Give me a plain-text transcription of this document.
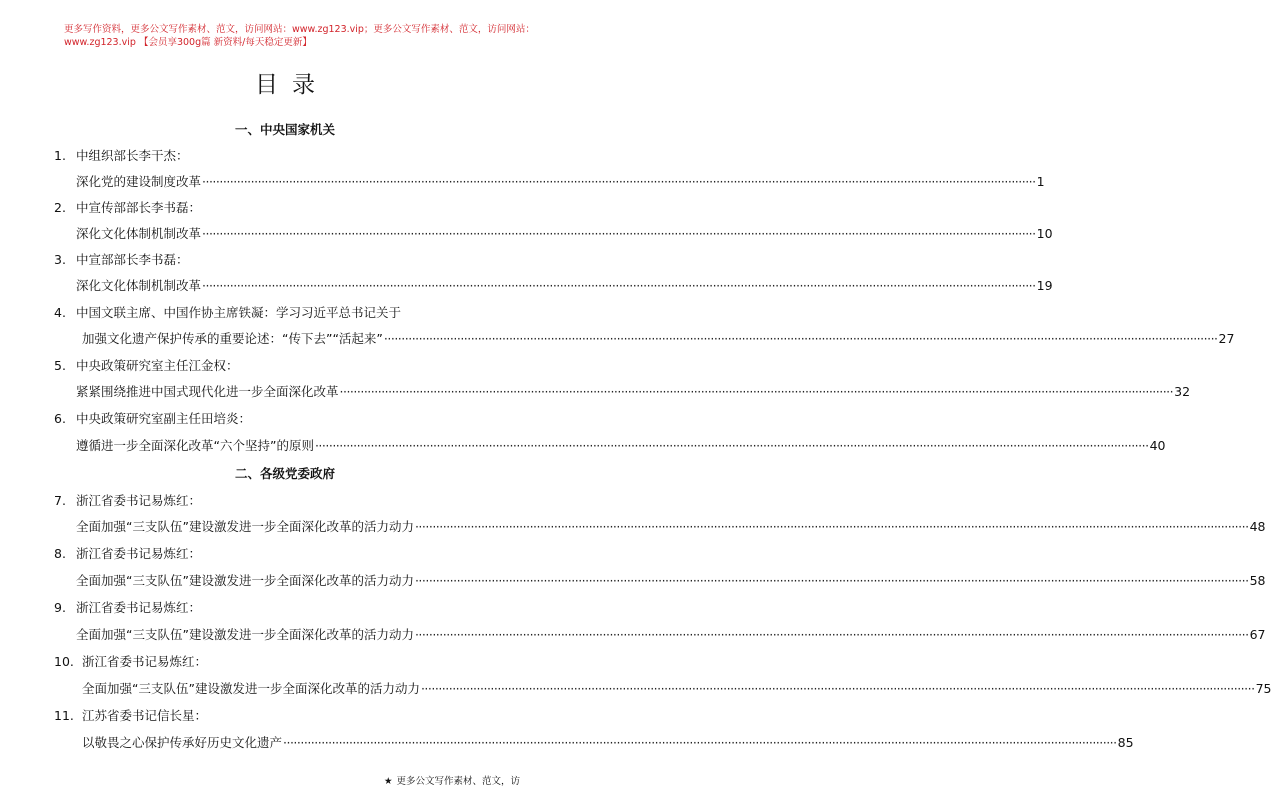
更多写作资料，更多公文写作素材、范文，访问网站：www.zg123.vip；更多公文写作素材、范文，访问网站：
www.zg123.vip 【会员享300g篇 新资料/每天稳定更新】
目录
一、中央国家机关
1. 中组织部长李干杰：
深化党的建设制度改革 ················································································································································································································································ 1
2. 中宣传部部长李书磊：
深化文化体制机制改革 ················································································································································································································································ 10
3. 中宣部部长李书磊：
深化文化体制机制改革 ················································································································································································································································ 19
4. 中国文联主席、中国作协主席铁凝：学习习近平总书记关于
加强文化遗产保护传承的重要论述：“传下去”“活起来” ················································································································································································································································ 27
5. 中央政策研究室主任江金权：
紧紧围绕推进中国式现代化进一步全面深化改革 ················································································································································································································································ 32
6. 中央政策研究室副主任田培炎：
遵循进一步全面深化改革“六个坚持”的原则 ················································································································································································································································ 40
二、各级党委政府
7. 浙江省委书记易炼红：
全面加强“三支队伍”建设激发进一步全面深化改革的活力动力 ················································································································································································································································ 48
8. 浙江省委书记易炼红：
全面加强“三支队伍”建设激发进一步全面深化改革的活力动力 ················································································································································································································································ 58
9. 浙江省委书记易炼红：
全面加强“三支队伍”建设激发进一步全面深化改革的活力动力 ················································································································································································································································ 67
10. 浙江省委书记易炼红：
全面加强“三支队伍”建设激发进一步全面深化改革的活力动力 ················································································································································································································································ 75
11. 江苏省委书记信长星：
以敬畏之心保护传承好历史文化遗产 ················································································································································································································································ 85
★ 更多公文写作素材、范文，访
